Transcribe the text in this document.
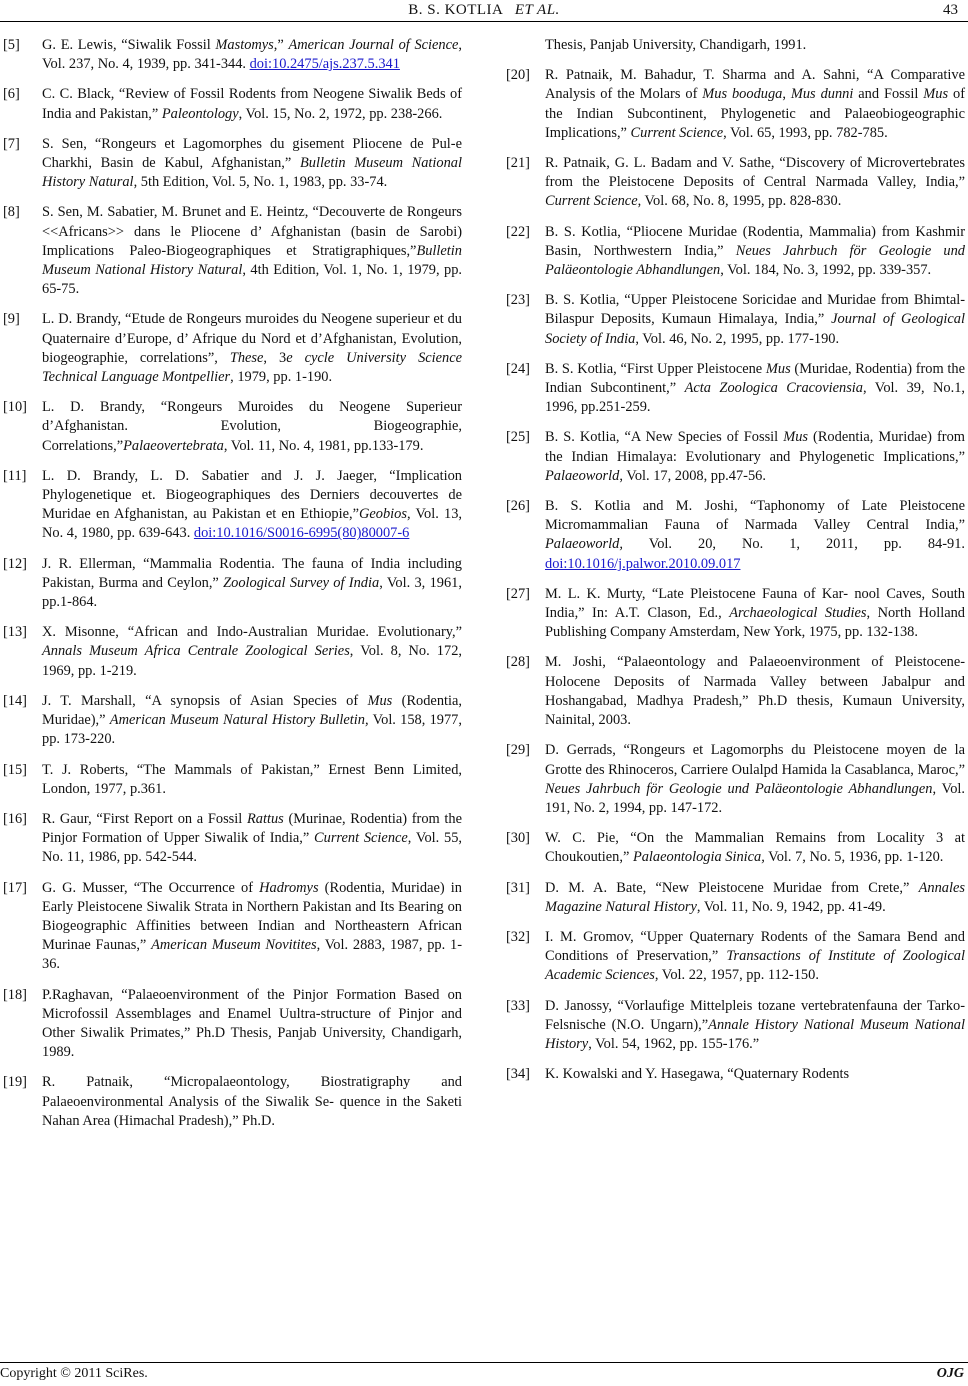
B. S. KOTLIA ET AL.	43
[5] G. E. Lewis, “Siwalik Fossil Mastomys,” American Journal of Science, Vol. 237, No. 4, 1939, pp. 341-344. doi:10.2475/ajs.237.5.341
[6] C. C. Black, “Review of Fossil Rodents from Neogene Siwalik Beds of India and Pakistan,” Paleontology, Vol. 15, No. 2, 1972, pp. 238-266.
[7] S. Sen, “Rongeurs et Lagomorphes du gisement Pliocene de Pul-e Charkhi, Basin de Kabul, Afghanistan,” Bulletin Museum National History Natural, 5th Edition, Vol. 5, No. 1, 1983, pp. 33-74.
[8] S. Sen, M. Sabatier, M. Brunet and E. Heintz, “Decouverte de Rongeurs <<Africans>> dans le Pliocene d’ Afghanistan (basin de Sarobi) Implications Paleo-Biogeographiques et Stratigraphiques,”Bulletin Museum National History Natural, 4th Edition, Vol. 1, No. 1, 1979, pp. 65-75.
[9] L. D. Brandy, “Etude de Rongeurs muroides du Neogene superieur et du Quaternaire d’Europe, d’ Afrique du Nord et d’Afghanistan, Evolution, biogeographie, correlations”, These, 3e cycle University Science Technical Language Montpellier, 1979, pp. 1-190.
[10] L. D. Brandy, “Rongeurs Muroides du Neogene Superieur d’Afghanistan. Evolution, Biogeographie, Correlations,”Palaeovertebrata, Vol. 11, No. 4, 1981, pp.133-179.
[11] L. D. Brandy, L. D. Sabatier and J. J. Jaeger, “Implication Phylogenetique et. Biogeographiques des Derniers decouvertes de Muridae en Afghanistan, au Pakistan et en Ethiopie,”Geobios, Vol. 13, No. 4, 1980, pp. 639-643. doi:10.1016/S0016-6995(80)80007-6
[12] J. R. Ellerman, “Mammalia Rodentia. The fauna of India including Pakistan, Burma and Ceylon,” Zoological Survey of India, Vol. 3, 1961, pp.1-864.
[13] X. Misonne, “African and Indo-Australian Muridae. Evolutionary,” Annals Museum Africa Centrale Zoological Series, Vol. 8, No. 172, 1969, pp. 1-219.
[14] J. T. Marshall, “A synopsis of Asian Species of Mus (Rodentia, Muridae),” American Museum Natural History Bulletin, Vol. 158, 1977, pp. 173-220.
[15] T. J. Roberts, “The Mammals of Pakistan,” Ernest Benn Limited, London, 1977, p.361.
[16] R. Gaur, “First Report on a Fossil Rattus (Murinae, Rodentia) from the Pinjor Formation of Upper Siwalik of India,” Current Science, Vol. 55, No. 11, 1986, pp. 542-544.
[17] G. G. Musser, “The Occurrence of Hadromys (Rodentia, Muridae) in Early Pleistocene Siwalik Strata in Northern Pakistan and Its Bearing on Biogeographic Affinities between Indian and Northeastern African Murinae Faunas,” American Museum Novitites, Vol. 2883, 1987, pp. 1-36.
[18] P.Raghavan, “Palaeoenvironment of the Pinjor Formation Based on Microfossil Assemblages and Enamel Uultra-structure of Pinjor and Other Siwalik Primates,” Ph.D Thesis, Panjab University, Chandigarh, 1989.
[19] R. Patnaik, “Micropalaeontology, Biostratigraphy and Palaeoenvironmental Analysis of the Siwalik Se- quence in the Saketi Nahan Area (Himachal Pradesh),” Ph.D.
Thesis, Panjab University, Chandigarh, 1991.
[20] R. Patnaik, M. Bahadur, T. Sharma and A. Sahni, “A Comparative Analysis of the Molars of Mus booduga, Mus dunni and Fossil Mus of the Indian Subcontinent, Phylogenetic and Palaeobiogeographic Implications,” Current Science, Vol. 65, 1993, pp. 782-785.
[21] R. Patnaik, G. L. Badam and V. Sathe, “Discovery of Microvertebrates from the Pleistocene Deposits of Central Narmada Valley, India,” Current Science, Vol. 68, No. 8, 1995, pp. 828-830.
[22] B. S. Kotlia, “Pliocene Muridae (Rodentia, Mammalia) from Kashmir Basin, Northwestern India,” Neues Jahrbuch för Geologie und Paläeontologie Abhandlungen, Vol. 184, No. 3, 1992, pp. 339-357.
[23] B. S. Kotlia, “Upper Pleistocene Soricidae and Muridae from Bhimtal-Bilaspur Deposits, Kumaun Himalaya, India,” Journal of Geological Society of India, Vol. 46, No. 2, 1995, pp. 177-190.
[24] B. S. Kotlia, “First Upper Pleistocene Mus (Muridae, Rodentia) from the Indian Subcontinent,” Acta Zoologica Cracoviensia, Vol. 39, No.1, 1996, pp.251-259.
[25] B. S. Kotlia, “A New Species of Fossil Mus (Rodentia, Muridae) from the Indian Himalaya: Evolutionary and Phylogenetic Implications,” Palaeoworld, Vol. 17, 2008, pp.47-56.
[26] B. S. Kotlia and M. Joshi, “Taphonomy of Late Pleistocene Micromammalian Fauna of Narmada Valley Central India,” Palaeoworld, Vol. 20, No. 1, 2011, pp. 84-91. doi:10.1016/j.palwor.2010.09.017
[27] M. L. K. Murty, “Late Pleistocene Fauna of Kar- nool Caves, South India,” In: A.T. Clason, Ed., Archaeological Studies, North Holland Publishing Company Amsterdam, New York, 1975, pp. 132-138.
[28] M. Joshi, “Palaeontology and Palaeoenvironment of Pleistocene-Holocene Deposits of Narmada Valley between Jabalpur and Hoshangabad, Madhya Pradesh,” Ph.D thesis, Kumaun University, Nainital, 2003.
[29] D. Gerrads, “Rongeurs et Lagomorphs du Pleistocene moyen de la Grotte des Rhinoceros, Carriere Oulalpd Hamida la Casablanca, Maroc,” Neues Jahrbuch för Geologie und Paläeontologie Abhandlungen, Vol. 191, No. 2, 1994, pp. 147-172.
[30] W. C. Pie, “On the Mammalian Remains from Locality 3 at Choukoutien,” Palaeontologia Sinica, Vol. 7, No. 5, 1936, pp. 1-120.
[31] D. M. A. Bate, “New Pleistocene Muridae from Crete,” Annales Magazine Natural History, Vol. 11, No. 9, 1942, pp. 41-49.
[32] I. M. Gromov, “Upper Quaternary Rodents of the Samara Bend and Conditions of Preservation,” Transactions of Institute of Zoological Academic Sciences, Vol. 22, 1957, pp. 112-150.
[33] D. Janossy, “Vorlaufige Mittelpleis tozane vertebratenfauna der Tarko-Felsnische (N.O. Ungarn),”Annale History National Museum National History, Vol. 54, 1962, pp. 155-176.”
[34] K. Kowalski and Y. Hasegawa, “Quaternary Rodents
Copyright © 2011 SciRes.	OJG
